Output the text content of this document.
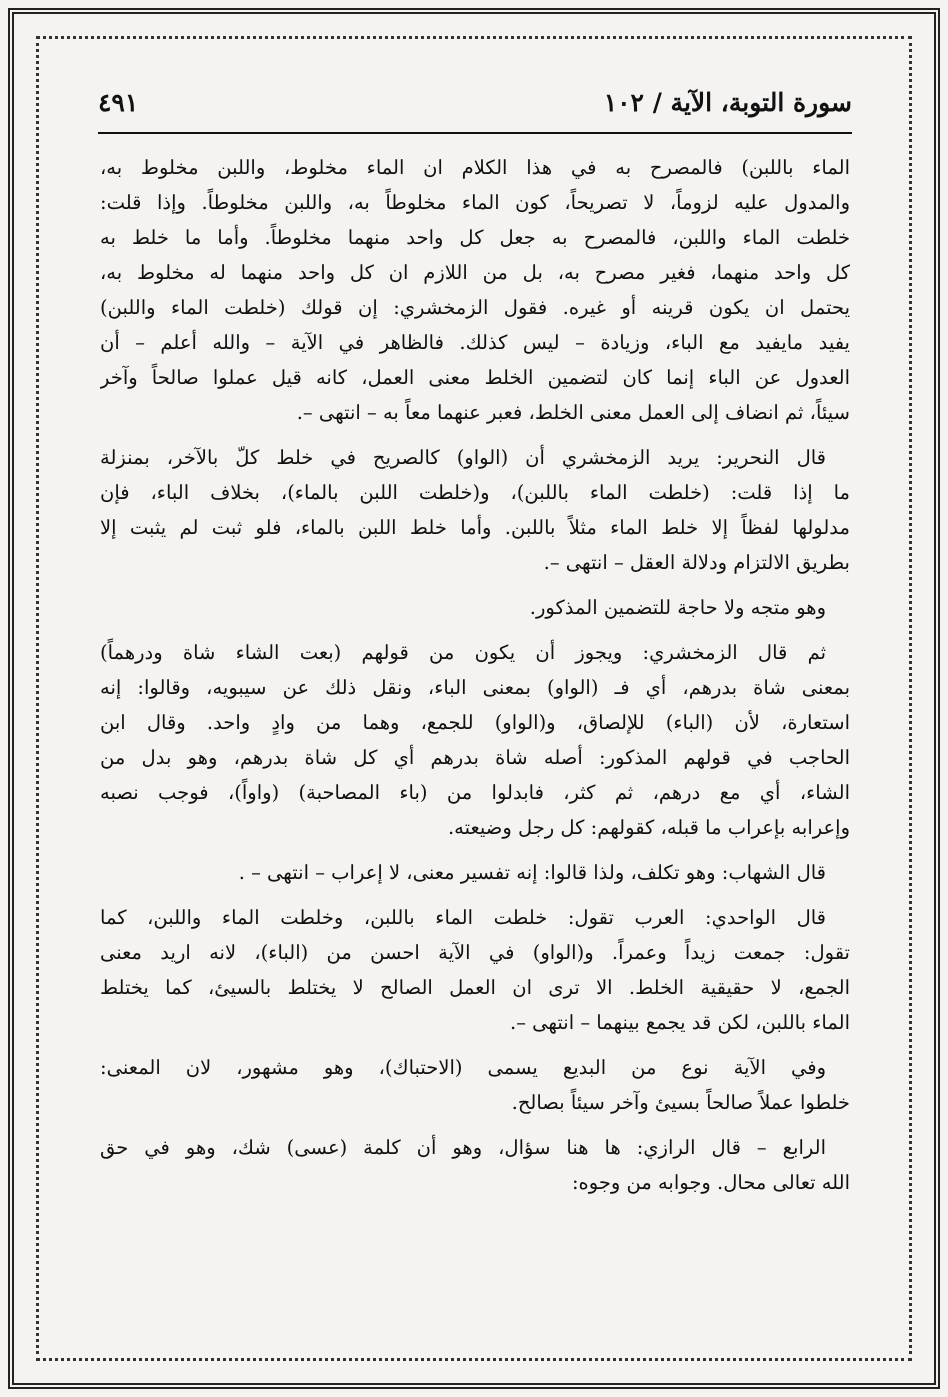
سورة التوبة، الآية / ١٠٢
٤٩١
الماء باللبن) فالمصرح به في هذا الكلام ان الماء مخلوط، واللبن مخلوط به،
والمدول عليه لزوماً، لا تصريحاً، كون الماء مخلوطاً به، واللبن مخلوطاً. وإذا قلت:
خلطت الماء واللبن، فالمصرح به جعل كل واحد منهما مخلوطاً. وأما ما خلط به
كل واحد منهما، فغير مصرح به، بل من اللازم ان كل واحد منهما له مخلوط به،
يحتمل ان يكون قرينه أو غيره. فقول الزمخشري: إن قولك (خلطت الماء واللبن)
يفيد مايفيد مع الباء، وزيادة – ليس كذلك. فالظاهر في الآية – والله أعلم – أن
العدول عن الباء إنما كان لتضمين الخلط معنى العمل، كانه قيل عملوا صالحاً وآخر
سيئاً، ثم انضاف إلى العمل معنى الخلط، فعبر عنهما معاً به – انتهى –.
قال النحرير: يريد الزمخشري أن (الواو) كالصريح في خلط كلّ بالآخر، بمنزلة
ما إذا قلت: (خلطت الماء باللبن)، و(خلطت اللبن بالماء)، بخلاف الباء، فإن
مدلولها لفظاً إلا خلط الماء مثلاً باللبن. وأما خلط اللبن بالماء، فلو ثبت لم يثبت إلا
بطريق الالتزام ودلالة العقل – انتهى –.
وهو متجه ولا حاجة للتضمين المذكور.
ثم قال الزمخشري: ويجوز أن يكون من قولهم (بعت الشاء شاة ودرهماً)
بمعنى شاة بدرهم، أي فـ (الواو) بمعنى الباء، ونقل ذلك عن سيبويه، وقالوا: إنه
استعارة، لأن (الباء) للإلصاق، و(الواو) للجمع، وهما من وادٍ واحد. وقال ابن
الحاجب في قولهم المذكور: أصله شاة بدرهم أي كل شاة بدرهم، وهو بدل من
الشاء، أي مع درهم، ثم كثر، فابدلوا من (باء المصاحبة) (واواً)، فوجب نصبه
وإعرابه بإعراب ما قبله، كقولهم: كل رجل وضيعته.
قال الشهاب: وهو تكلف، ولذا قالوا: إنه تفسير معنى، لا إعراب – انتهى – .
قال الواحدي: العرب تقول: خلطت الماء باللبن، وخلطت الماء واللبن، كما
تقول: جمعت زيداً وعمراً. و(الواو) في الآية احسن من (الباء)، لانه اريد معنى
الجمع، لا حقيقية الخلط. الا ترى ان العمل الصالح لا يختلط بالسيئ، كما يختلط
الماء باللبن، لكن قد يجمع بينهما – انتهى –.
وفي الآية نوع من البديع يسمى (الاحتباك)، وهو مشهور، لان المعنى:
خلطوا عملاً صالحاً بسيئ وآخر سيئاً بصالح.
الرابع – قال الرازي: ها هنا سؤال، وهو أن كلمة (عسى) شك، وهو في حق
الله تعالى محال. وجوابه من وجوه:
